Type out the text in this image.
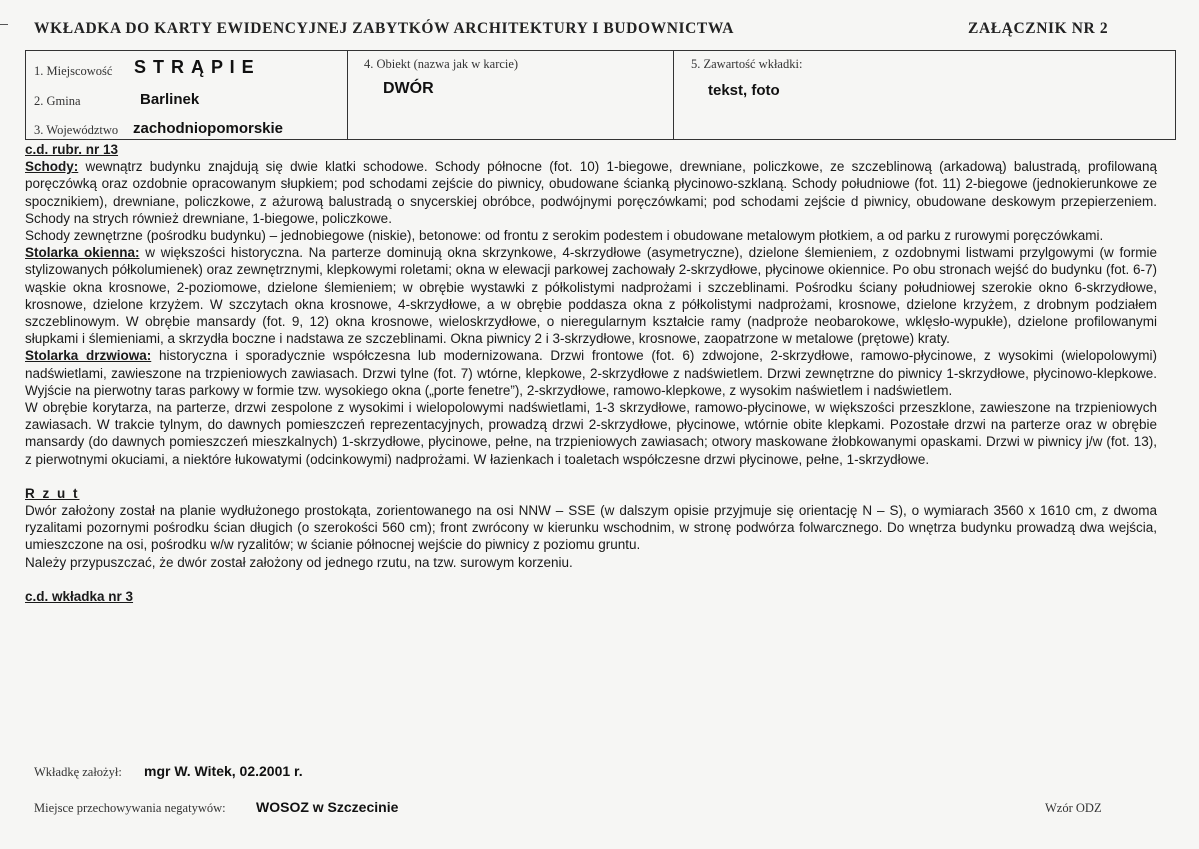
WKŁADKA DO KARTY EWIDENCYJNEJ ZABYTKÓW ARCHITEKTURY I BUDOWNICTWA	ZAŁĄCZNIK NR 2
1. Miejscowość S T R Ą P I E
2. Gmina	Barlinek
3. Województwo zachodniopomorskie
4. Obiekt (nazwa jak w karcie)
DWÓR
5. Zawartość wkładki:
tekst, foto

c.d. rubr. nr 13

Schody: wewnątrz budynku znajdują się dwie klatki schodowe. Schody północne (fot. 10) 1-biegowe, drewniane, policzkowe, ze szczeblinową (arkadową) balustradą, profilowaną poręczówką oraz ozdobnie opracowanym słupkiem; pod schodami zejście do piwnicy, obudowane ścianką płycinowo-szklaną. Schody południowe (fot. 11) 2-biegowe (jednokierunkowe ze spocznikiem), drewniane, policzkowe, z ażurową balustradą o snycerskiej obróbce, podwójnymi poręczówkami; pod schodami zejście d piwnicy, obudowane deskowym przepierzeniem. Schody na strych również drewniane, 1-biegowe, policzkowe.

Schody zewnętrzne (pośrodku budynku) – jednobiegowe (niskie), betonowe: od frontu z serokim podestem i obudowane metalowym płotkiem, a od parku z rurowymi poręczówkami.

Stolarka okienna: w większości historyczna. Na parterze dominują okna skrzynkowe, 4-skrzydłowe (asymetryczne), dzielone ślemieniem, z ozdobnymi listwami przylgowymi (w formie stylizowanych półkolumienek) oraz zewnętrznymi, klepkowymi roletami; okna w elewacji parkowej zachowały 2-skrzydłowe, płycinowe okiennice. Po obu stronach wejść do budynku (fot. 6-7) wąskie okna krosnowe, 2-poziomowe, dzielone ślemieniem; w obrębie wystawki z półkolistymi nadprożami i szczeblinami. Pośrodku ściany południowej szerokie okno 6-skrzydłowe, krosnowe, dzielone krzyżem. W szczytach okna krosnowe, 4-skrzydłowe, a w obrębie poddasza okna z półkolistymi nadprożami, krosnowe, dzielone krzyżem, z drobnym podziałem szczeblinowym. W obrębie mansardy (fot. 9, 12) okna krosnowe, wieloskrzydłowe, o nieregularnym kształcie ramy (nadproże neobarokowe, wklęsło-wypukłe), dzielone profilowanymi słupkami i ślemieniami, a skrzydła boczne i nadstawa ze szczeblinami. Okna piwnicy 2 i 3-skrzydłowe, krosnowe, zaopatrzone w metalowe (prętowe) kraty.

Stolarka drzwiowa: historyczna i sporadycznie współczesna lub modernizowana. Drzwi frontowe (fot. 6) zdwojone, 2-skrzydłowe, ramowo-płycinowe, z wysokimi (wielopolowymi) nadświetlami, zawieszone na trzpieniowych zawiasach. Drzwi tylne (fot. 7) wtórne, klepkowe, 2-skrzydłowe z nadświetlem. Drzwi zewnętrzne do piwnicy 1-skrzydłowe, płycinowo-klepkowe. Wyjście na pierwotny taras parkowy w formie tzw. wysokiego okna („porte fenetre”), 2-skrzydłowe, ramowo-klepkowe, z wysokim naświetlem i nadświetlem.

W obrębie korytarza, na parterze, drzwi zespolone z wysokimi i wielopolowymi nadświetlami, 1-3 skrzydłowe, ramowo-płycinowe, w większości przeszklone, zawieszone na trzpieniowych zawiasach. W trakcie tylnym, do dawnych pomieszczeń reprezentacyjnych, prowadzą drzwi 2-skrzydłowe, płycinowe, wtórnie obite klepkami. Pozostałe drzwi na parterze oraz w obrębie mansardy (do dawnych pomieszczeń mieszkalnych) 1-skrzydłowe, płycinowe, pełne, na trzpieniowych zawiasach; otwory maskowane żłobkowanymi opaskami. Drzwi w piwnicy j/w (fot. 13), z pierwotnymi okuciami, a niektóre łukowatymi (odcinkowymi) nadprożami. W łazienkach i toaletach współczesne drzwi płycinowe, pełne, 1-skrzydłowe.

R z u t

Dwór założony został na planie wydłużonego prostokąta, zorientowanego na osi NNW – SSE (w dalszym opisie przyjmuje się orientację N – S), o wymiarach 3560 x 1610 cm, z dwoma ryzalitami pozornymi pośrodku ścian długich (o szerokości 560 cm); front zwrócony w kierunku wschodnim, w stronę podwórza folwarcznego. Do wnętrza budynku prowadzą dwa wejścia, umieszczone na osi, pośrodku w/w ryzalitów; w ścianie północnej wejście do piwnicy z poziomu gruntu.

Należy przypuszczać, że dwór został założony od jednego rzutu, na tzw. surowym korzeniu.

c.d. wkładka nr 3

Wkładkę założył: mgr W. Witek, 02.2001 r.
Miejsce przechowywania negatywów: WOSOZ w Szczecinie	Wzór ODZ
